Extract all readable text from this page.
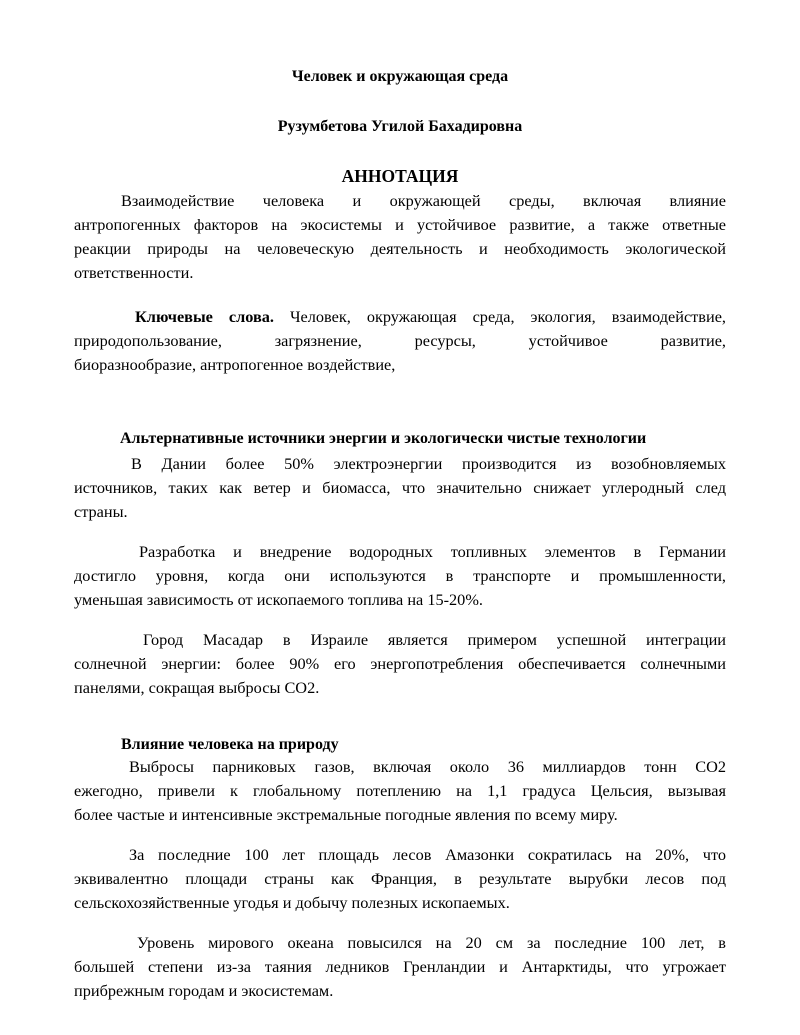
Человек и окружающая среда
Рузумбетова Угилой Бахадировна
АННОТАЦИЯ
Взаимодействие человека и окружающей среды, включая влияние
антропогенных факторов на экосистемы и устойчивое развитие, а также ответные
реакции природы на человеческую деятельность и необходимость экологической
ответственности.
Ключевые слова. Человек, окружающая среда, экология, взаимодействие,
природопользование, загрязнение, ресурсы, устойчивое развитие,
биоразнообразие, антропогенное воздействие,
Альтернативные источники энергии и экологически чистые технологии
В Дании более 50% электроэнергии производится из возобновляемых
источников, таких как ветер и биомасса, что значительно снижает углеродный след
страны.
Разработка и внедрение водородных топливных элементов в Германии
достигло уровня, когда они используются в транспорте и промышленности,
уменьшая зависимость от ископаемого топлива на 15-20%.
Город Масадар в Израиле является примером успешной интеграции
солнечной энергии: более 90% его энергопотребления обеспечивается солнечными
панелями, сокращая выбросы CO2.
Влияние человека на природу
Выбросы парниковых газов, включая около 36 миллиардов тонн CO2
ежегодно, привели к глобальному потеплению на 1,1 градуса Цельсия, вызывая
более частые и интенсивные экстремальные погодные явления по всему миру.
За последние 100 лет площадь лесов Амазонки сократилась на 20%, что
эквивалентно площади страны как Франция, в результате вырубки лесов под
сельскохозяйственные угодья и добычу полезных ископаемых.
Уровень мирового океана повысился на 20 см за последние 100 лет, в
большей степени из-за таяния ледников Гренландии и Антарктиды, что угрожает
прибрежным городам и экосистемам.
